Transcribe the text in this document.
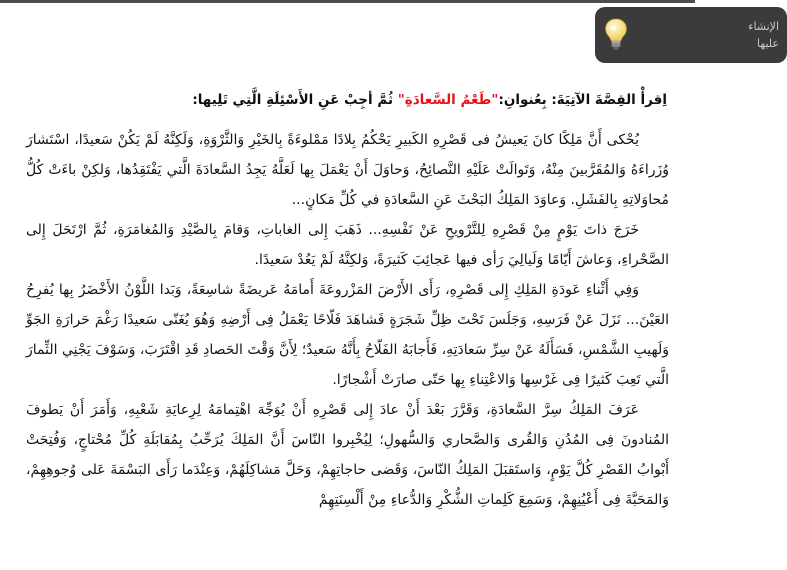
الإنشاء
عليها
اِقرأْ القِصَّةَ الآتِيَةَ: بِعُنوانِ:"طَعْمُ السَّعادَةِ" ثُمَّ أجِبْ عَنِ الأَسْئِلَةِ الَّتِي تَلِيها:

يُحْكى أَنَّ مَلِكًا كانَ يَعيشُ فى قَصْرِهِ الكَبيرِ يَحْكُمُ بِلادًا مَمْلوءَةً بِالخَيْرِ وَالثَّرْوَةِ، وَلَكِنَّهُ لَمْ يَكُنْ سَعيدًا، اسْتَشارَ وُزَراءَهُ وَالمُقَرَّبينَ مِنْهُ، وَتَوالَتْ عَلَيْهِ النَّصائِحُ، وَحاوَلَ أَنْ يَعْمَلَ بِها لَعَلَّهُ يَجِدُ السَّعادَةَ الَّتي يَفْتَقِدُها، وَلكِنْ باءَتْ كُلُّ مُحاوَلاتِهِ بِالفَشَلِ. وَعاوَدَ المَلِكُ البَحْثَ عَنِ السَّعادَةِ في كُلِّ مَكانٍ...

خَرَجَ ذاتَ يَوْمٍ مِنْ قَصْرِهِ لِلتَّرْويحِ عَنْ نَفْسِهِ... ذَهَبَ إِلى الغاباتِ، وَقامَ بِالصَّيْدِ وَالمُغامَرَةِ، ثُمَّ ارْتَحَلَ إِلى الصَّحْراءِ، وَعاشَ أَيّامًا وَلَيالِيَ رَأى فيها عَجائِبَ كَثيرَةً، وَلكِنَّهُ لَمْ يَعُدْ سَعيدًا.

وَفِي أَثْناءِ عَودَةِ المَلِكِ إِلى قَصْرِهِ، رَأَى الأَرْضَ المَزْروعَةَ أَمامَهُ عَريضَةً شاسِعَةً، وَبَدا اللَّوْنُ الأَخْضَرُ بِها يُفرِحُ العَيْنَ... نَزَلَ عَنْ فَرَسِهِ، وَجَلَسَ تَحْتَ ظِلِّ شَجَرَةٍ فَشاهَدَ فَلّاحًا يَعْمَلُ فِى أَرْضِهِ وَهُوَ يُغَنّى سَعيدًا رَغْمَ حَرارَةِ الجَوِّ وَلَهيبِ الشَّمْسِ، فَسَأَلَهُ عَنْ سِرِّ سَعادَتِهِ، فَأَجابَهُ الفَلّاحُ بِأَنَّهُ سَعيدٌ؛ لِأَنَّ وَقْتَ الحَصادِ قَدِ اقْتَرَبَ، وَسَوْفَ يَجْنِي الثِّمارَ الَّتي تَعِبَ كَثيرًا فِى غَرْسِها وَالاعْتِناءِ بِها حَتّى صارَتْ أَشْجارًا.

عَرَفَ المَلِكُ سِرَّ السَّعادَةِ، وَقَرَّرَ بَعْدَ أَنْ عادَ إِلى قَصْرِهِ أَنْ يُوَجِّهَ اهْتِمامَهُ لِرِعايَةِ شَعْبِهِ، وَأَمَرَ أَنْ يَطوفَ المُنادونَ فِى المُدُنِ وَالقُرى وَالصَّحاري وَالسُّهولِ؛ لِيُخْبِروا النّاسَ أَنَّ المَلِكَ يُرَحِّبُ بِمُقابَلَةِ كُلِّ مُحْتاجٍ، وَفُتِحَتْ أَبْوابُ القَصْرِ كُلَّ يَوْمٍ، وَاستَقبَلَ المَلِكُ النّاسَ، وَقَضى حاجاتِهِمْ، وَحَلَّ مَشاكِلَهُمْ، وَعِنْدَما رَأَى البَسْمَةَ عَلى وُجوهِهِمْ، وَالمَحَبَّةَ فِى أَعْيُنِهِمْ، وَسَمِعَ كَلِماتِ الشُّكْرِ وَالدُّعاءِ مِنْ أَلْسِنَتِهِمْ
